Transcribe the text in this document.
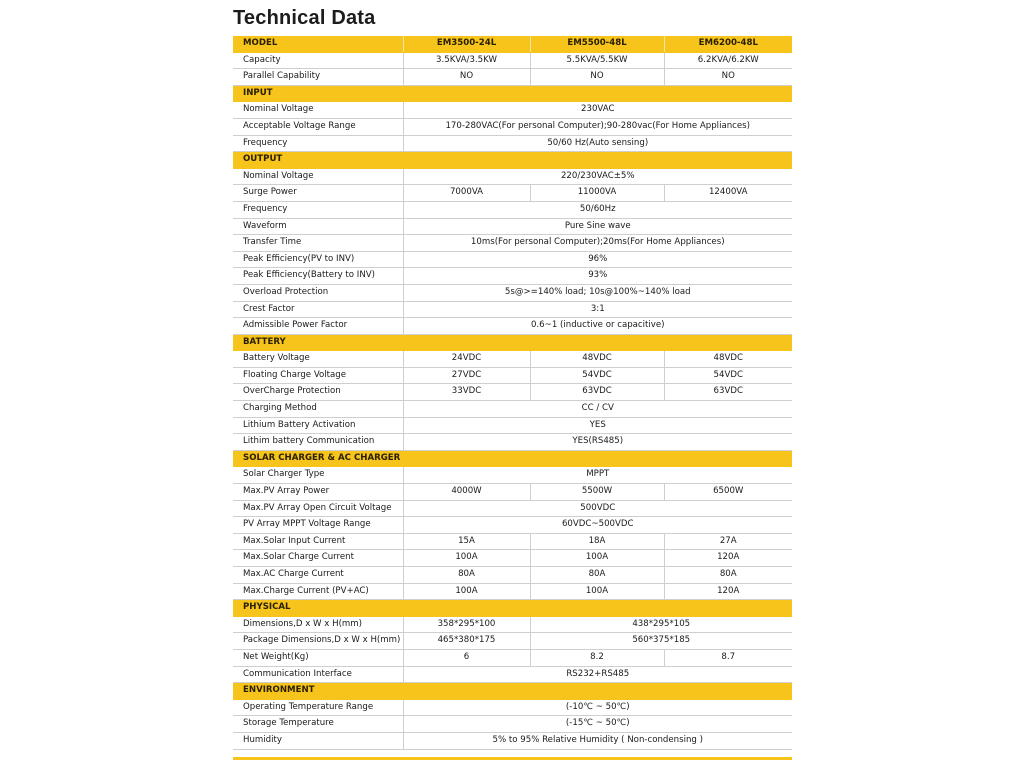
Technical Data
MODEL	EM3500-24L	EM5500-48L	EM6200-48L
Capacity	3.5KVA/3.5KW	5.5KVA/5.5KW	6.2KVA/6.2KW
Parallel Capability	NO	NO	NO
INPUT			
Nominal Voltage	230VAC		
Acceptable Voltage Range	170-280VAC(For personal Computer);90-280vac(For Home Appliances)		
Frequency	50/60 Hz(Auto sensing)		
OUTPUT			
Nominal Voltage	220/230VAC±5%		
Surge Power	7000VA	11000VA	12400VA
Frequency	50/60Hz		
Waveform	Pure Sine wave		
Transfer Time	10ms(For personal Computer);20ms(For Home Appliances)		
Peak Efficiency(PV to INV)	96%		
Peak Efficiency(Battery to INV)	93%		
Overload Protection	5s@>=140% load; 10s@100%~140% load		
Crest Factor	3:1		
Admissible Power Factor	0.6~1 (inductive or capacitive)		
BATTERY			
Battery Voltage	24VDC	48VDC	48VDC
Floating Charge Voltage	27VDC	54VDC	54VDC
OverCharge Protection	33VDC	63VDC	63VDC
Charging Method	CC / CV		
Lithium Battery Activation	YES		
Lithim battery Communication	YES(RS485)		
SOLAR CHARGER & AC CHARGER			
Solar Charger Type	MPPT		
Max.PV Array Power	4000W	5500W	6500W
Max.PV Array Open Circuit Voltage	500VDC		
PV Array MPPT Voltage Range	60VDC~500VDC		
Max.Solar Input Current	15A	18A	27A
Max.Solar Charge Current	100A	100A	120A
Max.AC Charge Current	80A	80A	80A
Max.Charge Current (PV+AC)	100A	100A	120A
PHYSICAL			
Dimensions,D x W x H(mm)	358*295*100	438*295*105	
Package Dimensions,D x W x H(mm)	465*380*175	560*375*185	
Net Weight(Kg)	6	8.2	8.7
Communication Interface	RS232+RS485		
ENVIRONMENT			
Operating Temperature Range	(-10℃ ~ 50℃)		
Storage Temperature	(-15℃ ~ 50℃)		
Humidity	5% to 95% Relative Humidity ( Non-condensing )		
